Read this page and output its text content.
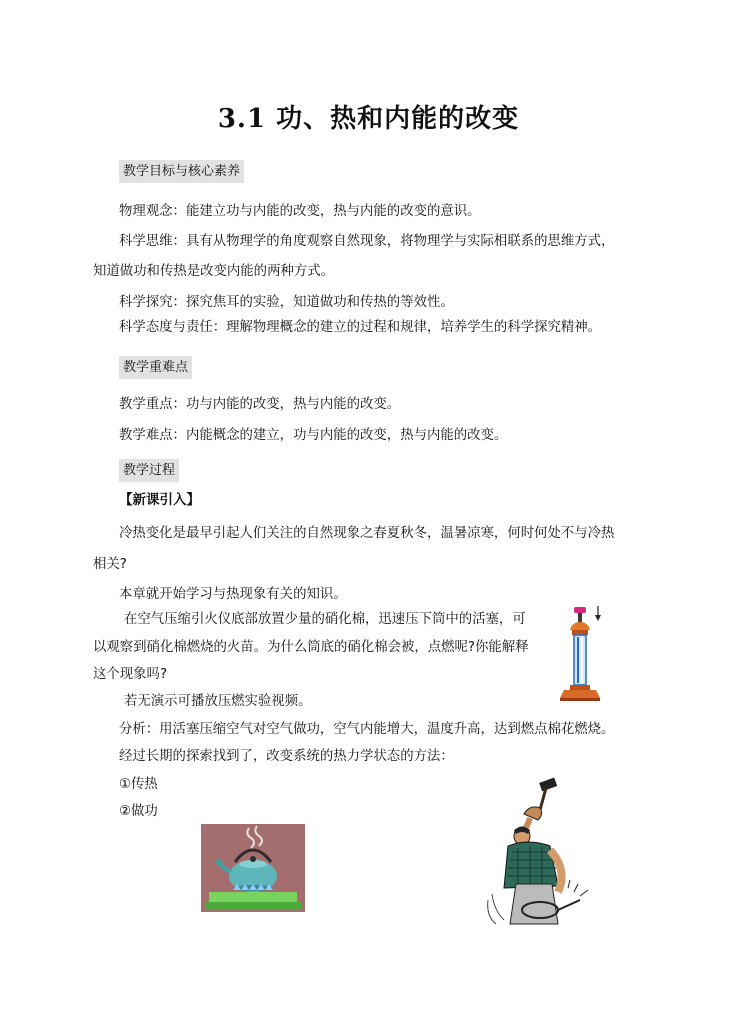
3.1 功、热和内能的改变
教学目标与核心素养
物理观念：能建立功与内能的改变，热与内能的改变的意识。
科学思维：具有从物理学的角度观察自然现象，将物理学与实际相联系的思维方式，
知道做功和传热是改变内能的两种方式。
科学探究：探究焦耳的实验，知道做功和传热的等效性。
科学态度与责任：理解物理概念的建立的过程和规律，培养学生的科学探究精神。
教学重难点
教学重点：功与内能的改变，热与内能的改变。
教学难点：内能概念的建立，功与内能的改变，热与内能的改变。
教学过程
【新课引入】
冷热变化是最早引起人们关注的自然现象之春夏秋冬，温暑凉寒，何时何处不与冷热
相关?
本章就开始学习与热现象有关的知识。
在空气压缩引火仪底部放置少量的硝化棉，迅速压下筒中的活塞，可
以观察到硝化棉燃烧的火苗。为什么筒底的硝化棉会被，点燃呢?你能解释
这个现象吗?
若无演示可播放压燃实验视频。
分析：用活塞压缩空气对空气做功，空气内能增大，温度升高，达到燃点棉花燃烧。
经过长期的探索找到了，改变系统的热力学状态的方法：
①传热
②做功
